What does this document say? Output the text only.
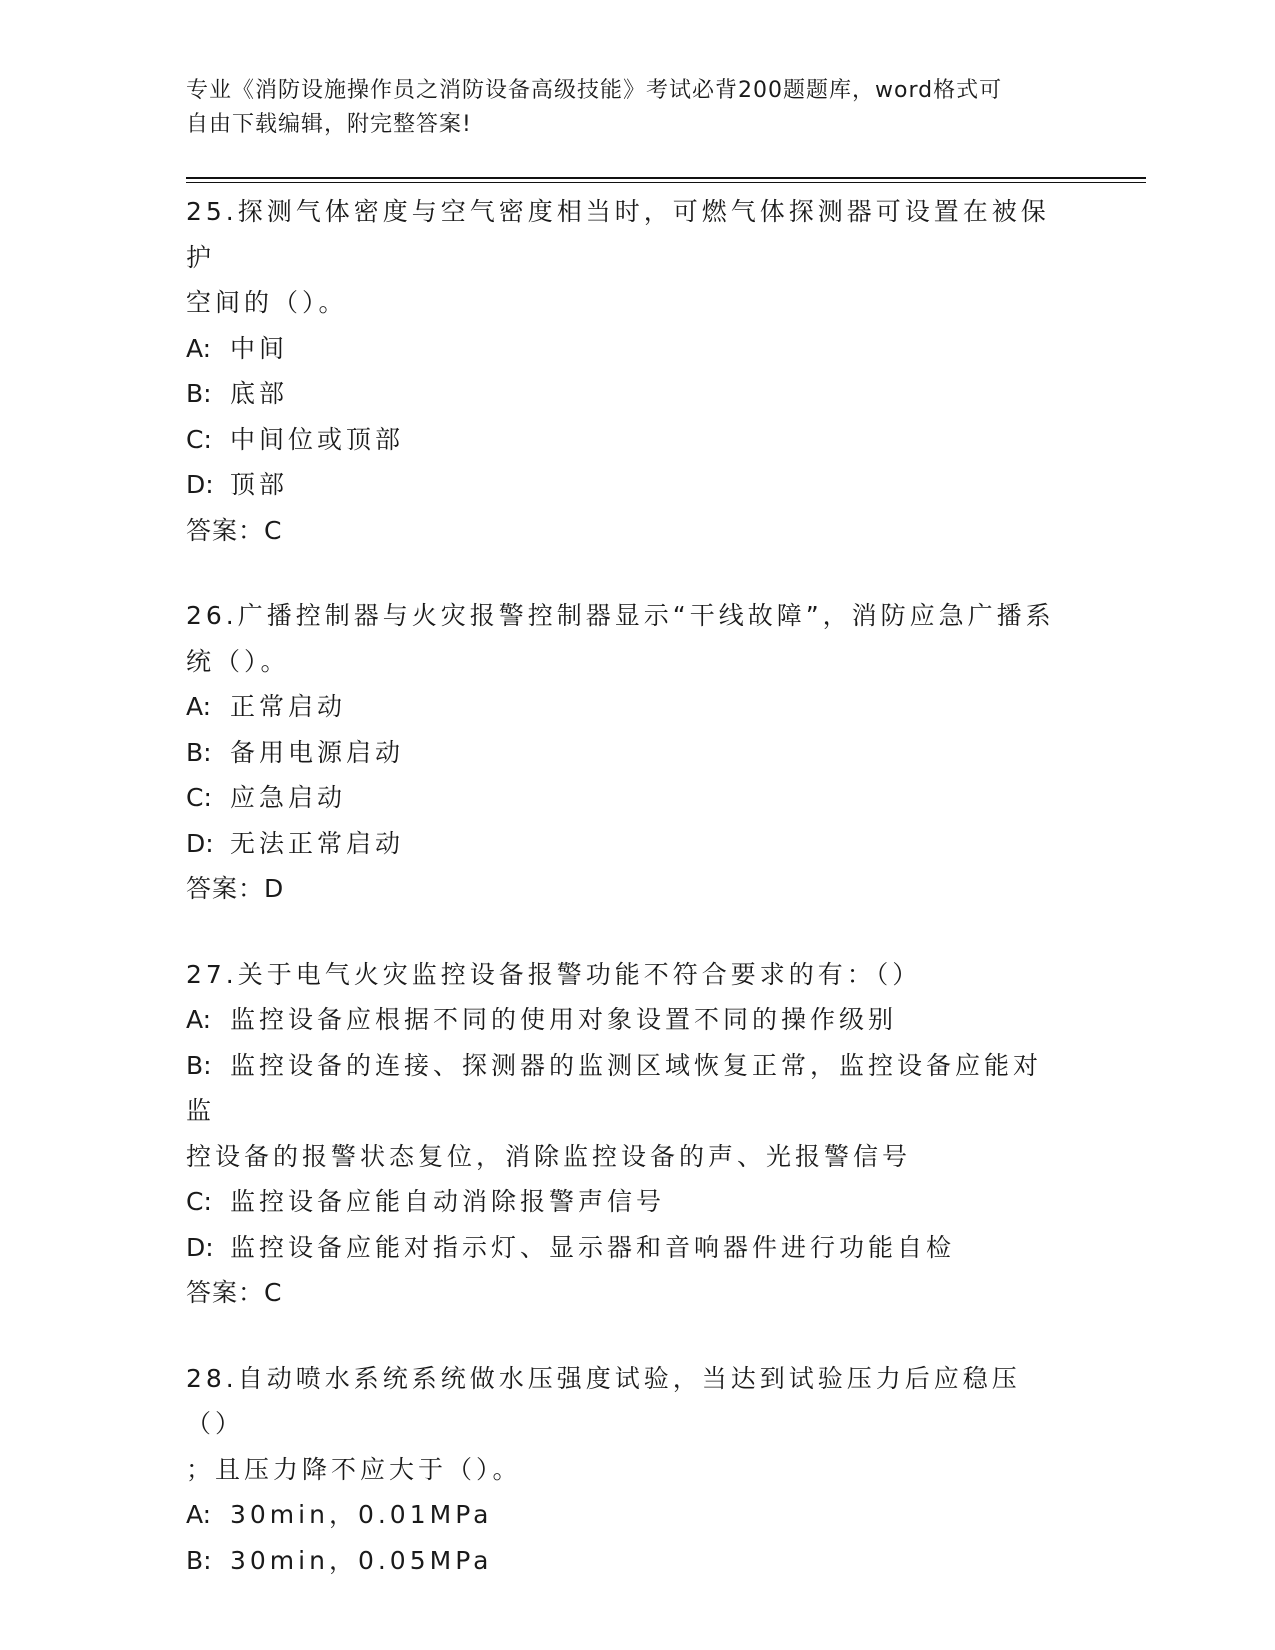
专业《消防设施操作员之消防设备高级技能》考试必背200题题库，word格式可
自由下载编辑，附完整答案!
25.探测气体密度与空气密度相当时，可燃气体探测器可设置在被保护
空间的（）。
A: 中间
B: 底部
C: 中间位或顶部
D: 顶部
答案：C
26.广播控制器与火灾报警控制器显示“干线故障”，消防应急广播系
统（）。
A: 正常启动
B: 备用电源启动
C: 应急启动
D: 无法正常启动
答案：D
27.关于电气火灾监控设备报警功能不符合要求的有：（）
A: 监控设备应根据不同的使用对象设置不同的操作级别
B: 监控设备的连接、探测器的监测区域恢复正常，监控设备应能对监
控设备的报警状态复位，消除监控设备的声、光报警信号
C: 监控设备应能自动消除报警声信号
D: 监控设备应能对指示灯、显示器和音响器件进行功能自检
答案：C
28.自动喷水系统系统做水压强度试验，当达到试验压力后应稳压（）
；且压力降不应大于（）。
A: 30min，0.01MPa
B: 30min，0.05MPa
